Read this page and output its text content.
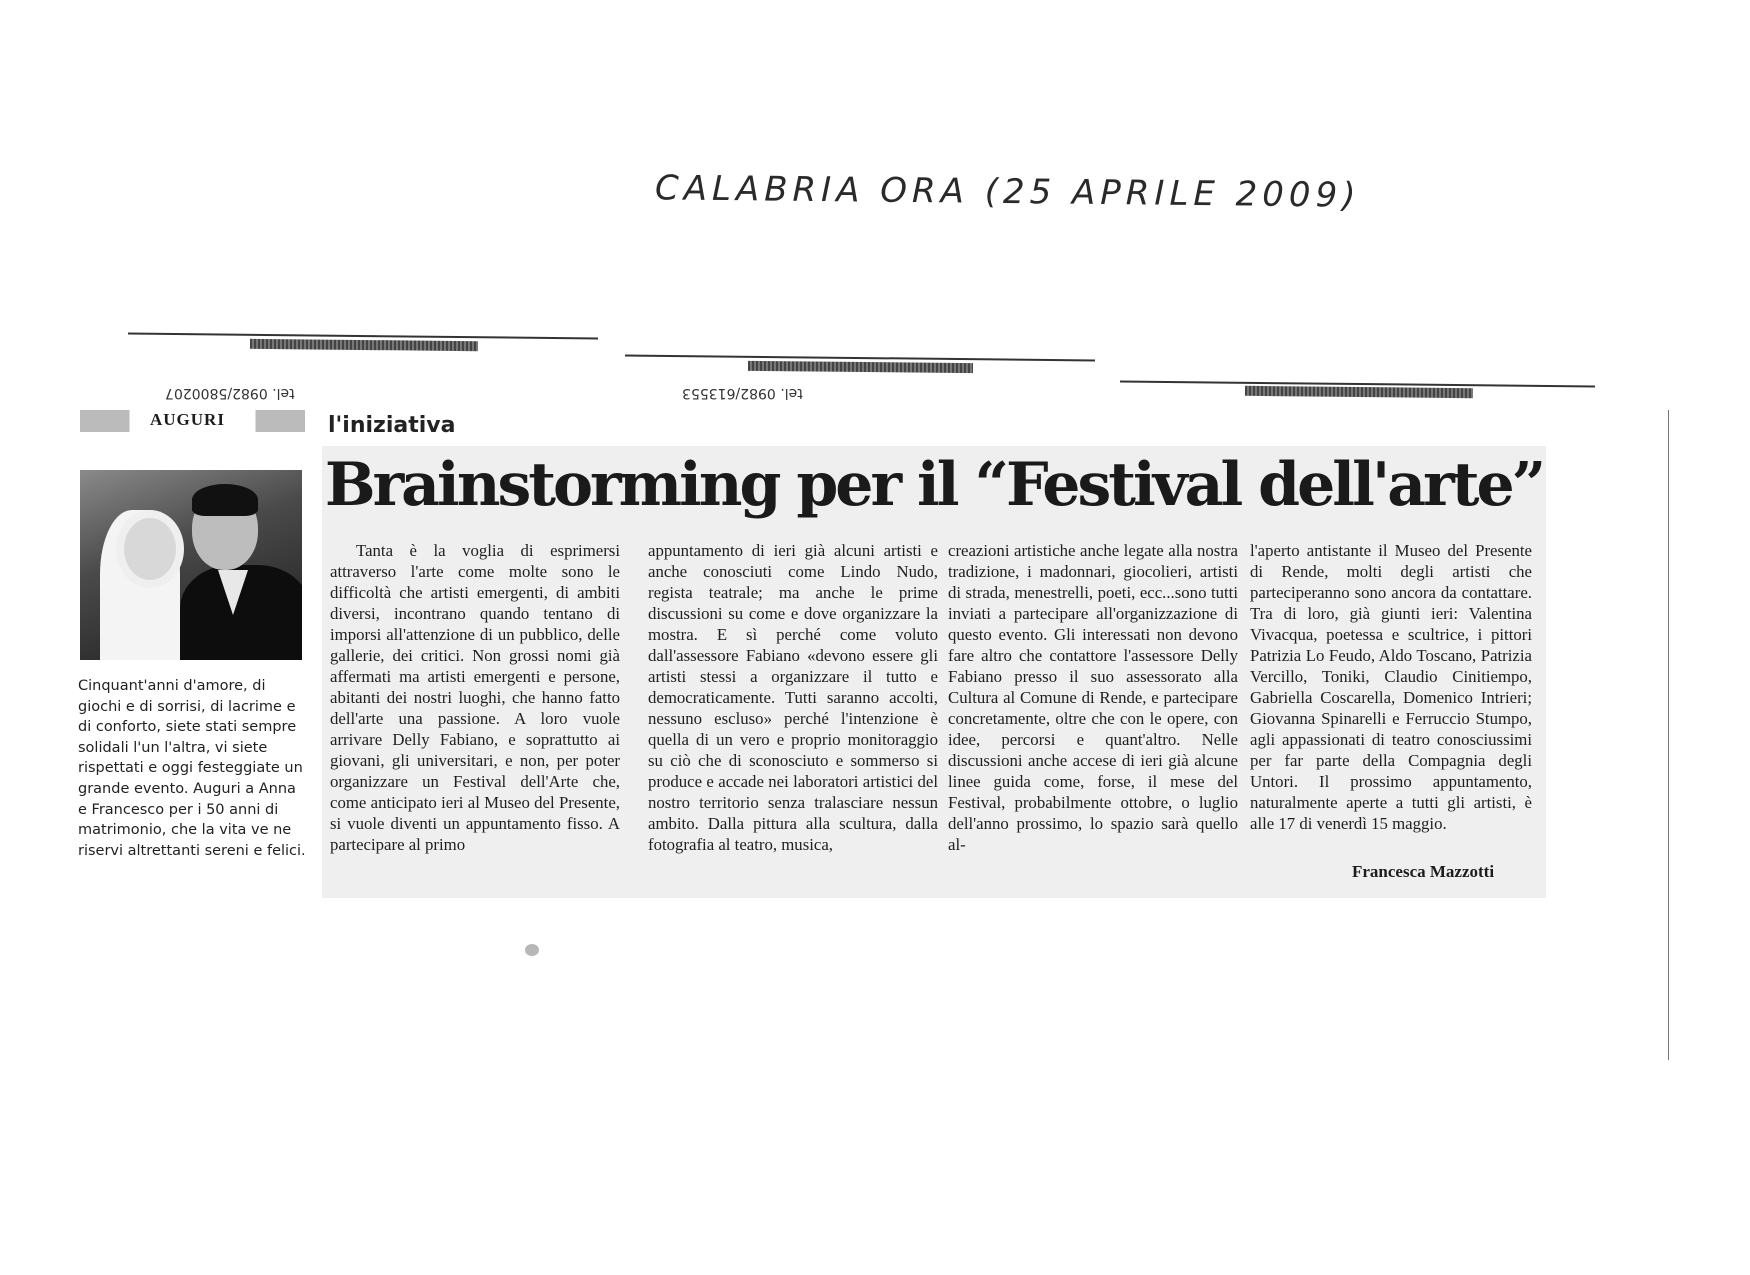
CALABRIA ORA (25 APRILE 2009)
tel. 0982/5800207	tel. 0982/613553
AUGURI
Cinquant'anni d'amore, di giochi e di sorrisi, di lacrime e di conforto, siete stati sempre solidali l'un l'altra, vi siete rispettati e oggi festeggiate un grande evento. Auguri a Anna e Francesco per i 50 anni di matrimonio, che la vita ve ne riservi altrettanti sereni e felici.
l'iniziativa
Brainstorming per il “Festival dell'arte”
Tanta è la voglia di esprimersi attraverso l'arte come molte sono le difficoltà che artisti emergenti, di ambiti diversi, incontrano quando tentano di imporsi all'attenzione di un pubblico, delle gallerie, dei critici. Non grossi nomi già affermati ma artisti emergenti e persone, abitanti dei nostri luoghi, che hanno fatto dell'arte una passione. A loro vuole arrivare Delly Fabiano, e soprattutto ai giovani, gli universitari, e non, per poter organizzare un Festival dell'Arte che, come anticipato ieri al Museo del Presente, si vuole diventi un appuntamento fisso. A partecipare al primo
appuntamento di ieri già alcuni artisti e anche conosciuti come Lindo Nudo, regista teatrale; ma anche le prime discussioni su come e dove organizzare la mostra. E sì perché come voluto dall'assessore Fabiano «devono essere gli artisti stessi a organizzare il tutto e democraticamente. Tutti saranno accolti, nessuno escluso» perché l'intenzione è quella di un vero e proprio monitoraggio su ciò che di sconosciuto e sommerso si produce e accade nei laboratori artistici del nostro territorio senza tralasciare nessun ambito. Dalla pittura alla scultura, dalla fotografia al teatro, musica,
creazioni artistiche anche legate alla nostra tradizione, i madonnari, giocolieri, artisti di strada, menestrelli, poeti, ecc...sono tutti inviati a partecipare all'organizzazione di questo evento. Gli interessati non devono fare altro che contattore l'assessore Delly Fabiano presso il suo assessorato alla Cultura al Comune di Rende, e partecipare concretamente, oltre che con le opere, con idee, percorsi e quant'altro. Nelle discussioni anche accese di ieri già alcune linee guida come, forse, il mese del Festival, probabilmente ottobre, o luglio dell'anno prossimo, lo spazio sarà quello al-
l'aperto antistante il Museo del Presente di Rende, molti degli artisti che parteciperanno sono ancora da contattare. Tra di loro, già giunti ieri: Valentina Vivacqua, poetessa e scultrice, i pittori Patrizia Lo Feudo, Aldo Toscano, Patrizia Vercillo, Toniki, Claudio Cinitiempo, Gabriella Coscarella, Domenico Intrieri; Giovanna Spinarelli e Ferruccio Stumpo, agli appassionati di teatro conosciussimi per far parte della Compagnia degli Untori. Il prossimo appuntamento, naturalmente aperte a tutti gli artisti, è alle 17 di venerdì 15 maggio.
Francesca Mazzotti
